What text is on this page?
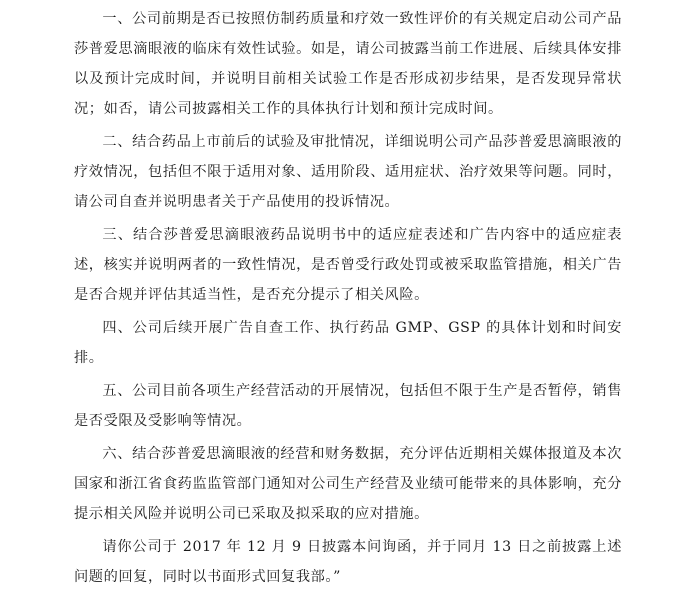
一、公司前期是否已按照仿制药质量和疗效一致性评价的有关规定启动公司产品莎普爱思滴眼液的临床有效性试验。如是，请公司披露当前工作进展、后续具体安排以及预计完成时间，并说明目前相关试验工作是否形成初步结果，是否发现异常状况；如否，请公司披露相关工作的具体执行计划和预计完成时间。

二、结合药品上市前后的试验及审批情况，详细说明公司产品莎普爱思滴眼液的疗效情况，包括但不限于适用对象、适用阶段、适用症状、治疗效果等问题。同时，请公司自查并说明患者关于产品使用的投诉情况。

三、结合莎普爱思滴眼液药品说明书中的适应症表述和广告内容中的适应症表述，核实并说明两者的一致性情况，是否曾受行政处罚或被采取监管措施，相关广告是否合规并评估其适当性，是否充分提示了相关风险。

四、公司后续开展广告自查工作、执行药品 GMP、GSP 的具体计划和时间安排。

五、公司目前各项生产经营活动的开展情况，包括但不限于生产是否暂停，销售是否受限及受影响等情况。

六、结合莎普爱思滴眼液的经营和财务数据，充分评估近期相关媒体报道及本次国家和浙江省食药监监管部门通知对公司生产经营及业绩可能带来的具体影响，充分提示相关风险并说明公司已采取及拟采取的应对措施。

请你公司于 2017 年 12 月 9 日披露本问询函，并于同月 13 日之前披露上述问题的回复，同时以书面形式回复我部。”
